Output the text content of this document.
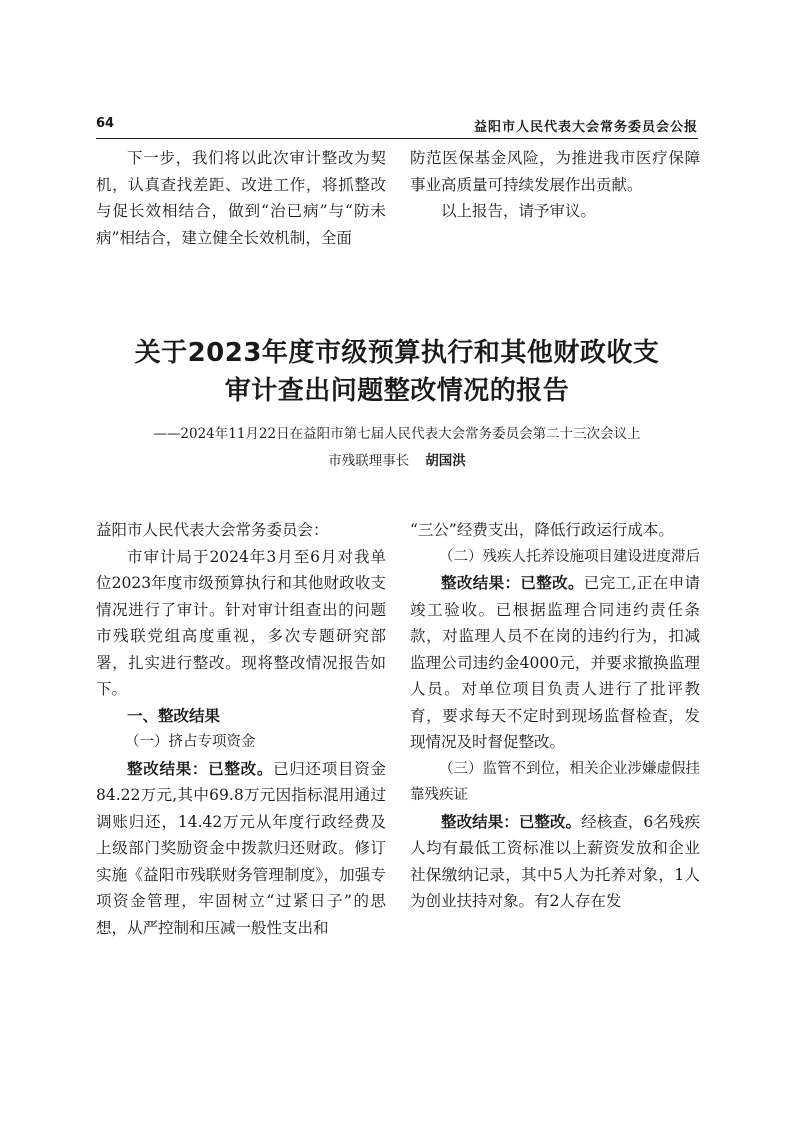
64	益阳市人民代表大会常务委员会公报

下一步，我们将以此次审计整改为契机，认真查找差距、改进工作，将抓整改与促长效相结合，做到“治已病”与“防未病”相结合，建立健全长效机制，全面

防范医保基金风险，为推进我市医疗保障事业高质量可持续发展作出贡献。

以上报告，请予审议。

关于2023年度市级预算执行和其他财政收支
审计查出问题整改情况的报告
——2024年11月22日在益阳市第七届人民代表大会常务委员会第二十三次会议上
市残联理事长 胡国洪

益阳市人民代表大会常务委员会：

市审计局于2024年3月至6月对我单位2023年度市级预算执行和其他财政收支情况进行了审计。针对审计组查出的问题市残联党组高度重视，多次专题研究部署，扎实进行整改。现将整改情况报告如下。

一、整改结果

（一）挤占专项资金

整改结果：已整改。已归还项目资金84.22万元,其中69.8万元因指标混用通过调账归还，14.42万元从年度行政经费及上级部门奖励资金中拨款归还财政。修订实施《益阳市残联财务管理制度》，加强专项资金管理，牢固树立“过紧日子”的思想，从严控制和压减一般性支出和

“三公”经费支出，降低行政运行成本。

（二）残疾人托养设施项目建设进度滞后

整改结果：已整改。已完工,正在申请竣工验收。已根据监理合同违约责任条款，对监理人员不在岗的违约行为，扣减监理公司违约金4000元，并要求撤换监理人员。对单位项目负责人进行了批评教育，要求每天不定时到现场监督检查，发现情况及时督促整改。

（三）监管不到位，相关企业涉嫌虚假挂靠残疾证

整改结果：已整改。经核查，6名残疾人均有最低工资标准以上薪资发放和企业社保缴纳记录，其中5人为托养对象，1人为创业扶持对象。有2人存在发
